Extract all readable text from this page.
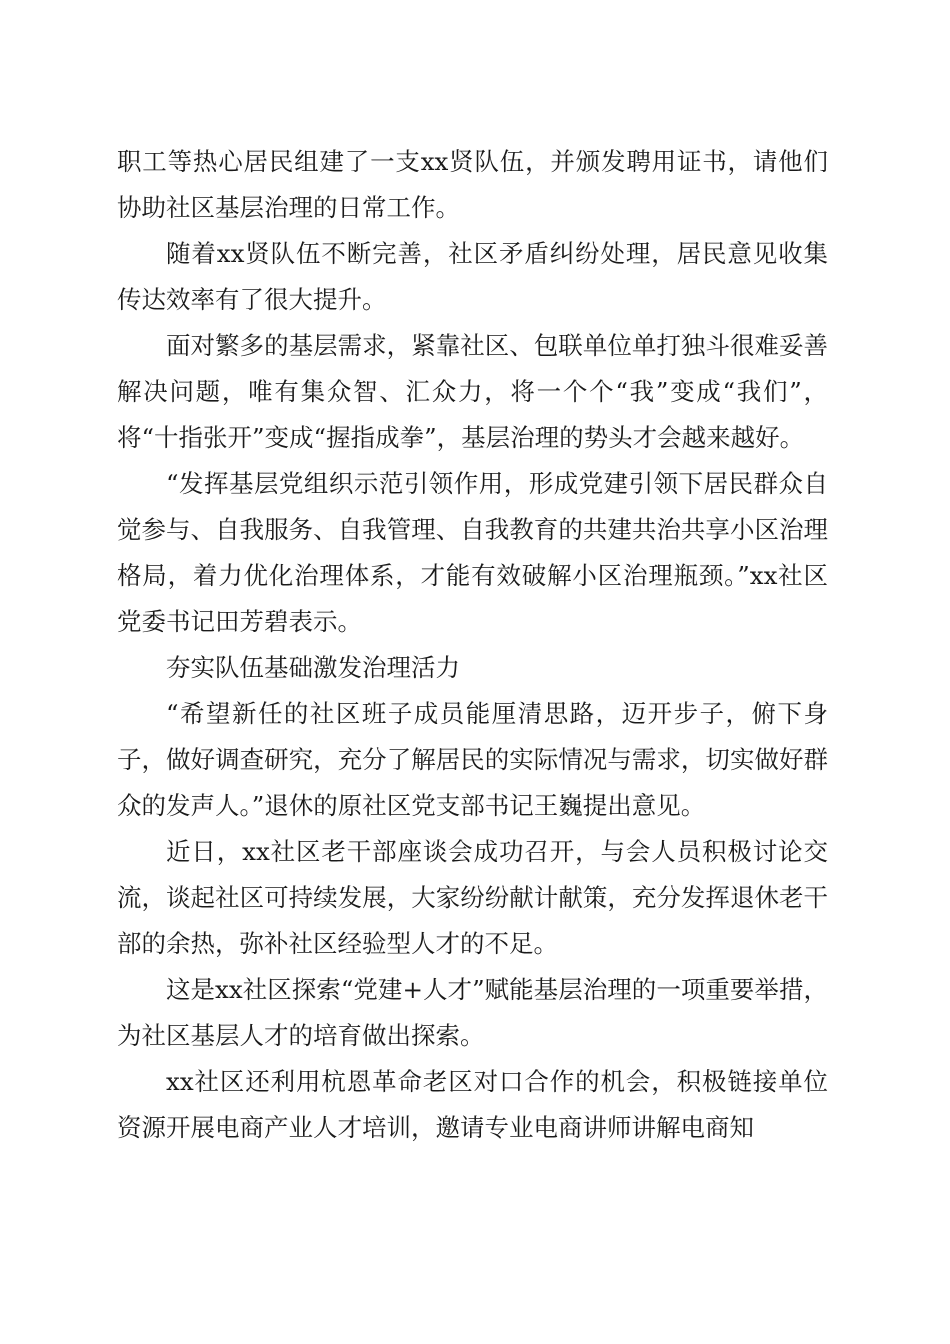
职工等热心居民组建了一支xx贤队伍，并颁发聘用证书，请他们协助社区基层治理的日常工作。

随着xx贤队伍不断完善，社区矛盾纠纷处理，居民意见收集传达效率有了很大提升。

面对繁多的基层需求，紧靠社区、包联单位单打独斗很难妥善解决问题，唯有集众智、汇众力，将一个个“我”变成“我们”，将“十指张开”变成“握指成拳”，基层治理的势头才会越来越好。

“发挥基层党组织示范引领作用，形成党建引领下居民群众自觉参与、自我服务、自我管理、自我教育的共建共治共享小区治理格局，着力优化治理体系，才能有效破解小区治理瓶颈。”xx社区党委书记田芳碧表示。

夯实队伍基础激发治理活力

“希望新任的社区班子成员能厘清思路，迈开步子，俯下身子，做好调查研究，充分了解居民的实际情况与需求，切实做好群众的发声人。”退休的原社区党支部书记王巍提出意见。

近日，xx社区老干部座谈会成功召开，与会人员积极讨论交流，谈起社区可持续发展，大家纷纷献计献策，充分发挥退休老干部的余热，弥补社区经验型人才的不足。

这是xx社区探索“党建+人才”赋能基层治理的一项重要举措，为社区基层人才的培育做出探索。

xx社区还利用杭恩革命老区对口合作的机会，积极链接单位资源开展电商产业人才培训，邀请专业电商讲师讲解电商知
